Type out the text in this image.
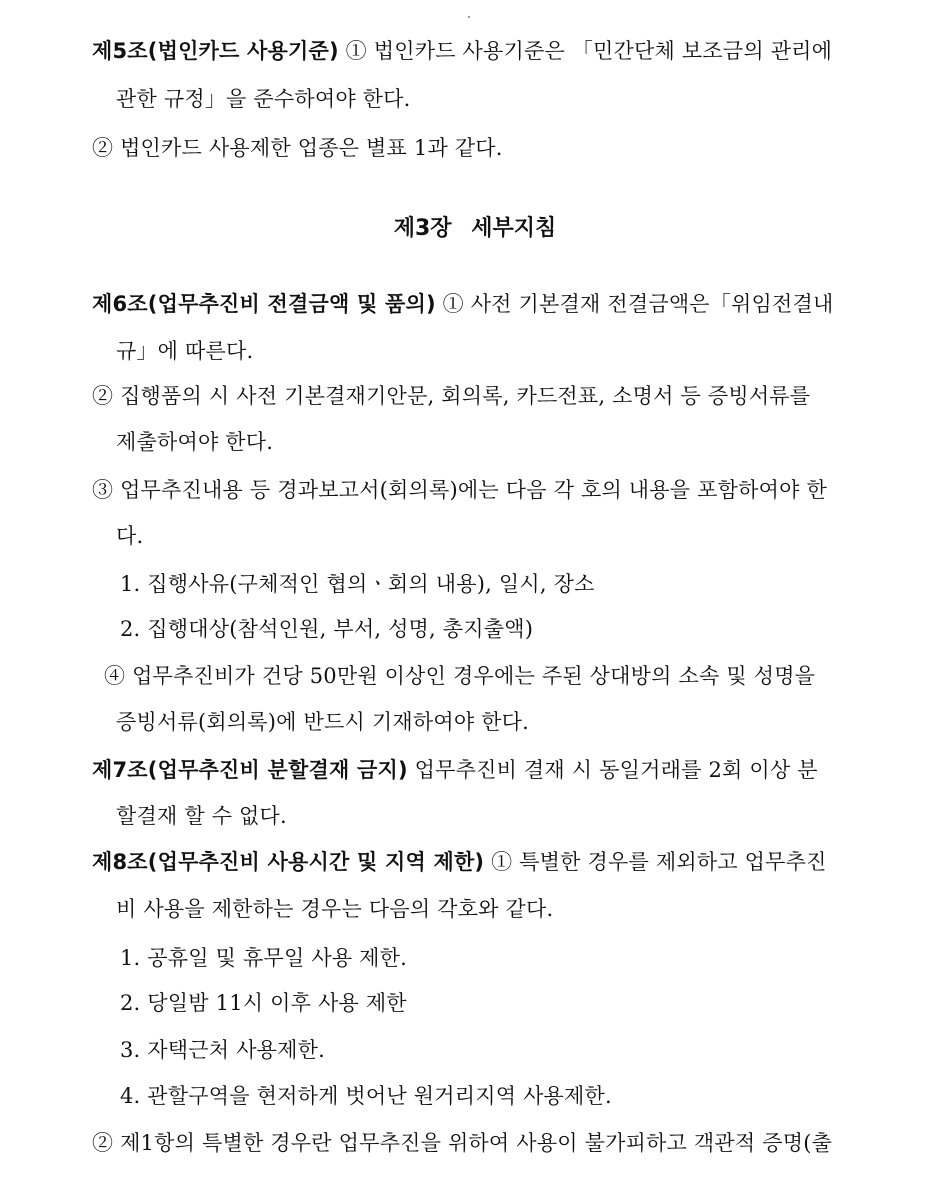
제5조(법인카드 사용기준) ① 법인카드 사용기준은 「민간단체 보조금의 관리에
관한 규정」을 준수하여야 한다.
② 법인카드 사용제한 업종은 별표 1과 같다.
제3장 세부지침
제6조(업무추진비 전결금액 및 품의) ① 사전 기본결재 전결금액은「위임전결내
규」에 따른다.
② 집행품의 시 사전 기본결재기안문, 회의록, 카드전표, 소명서 등 증빙서류를
제출하여야 한다.
③ 업무추진내용 등 경과보고서(회의록)에는 다음 각 호의 내용을 포함하여야 한
다.
1. 집행사유(구체적인 협의ㆍ회의 내용), 일시, 장소
2. 집행대상(참석인원, 부서, 성명, 총지출액)
④ 업무추진비가 건당 50만원 이상인 경우에는 주된 상대방의 소속 및 성명을
증빙서류(회의록)에 반드시 기재하여야 한다.
제7조(업무추진비 분할결재 금지) 업무추진비 결재 시 동일거래를 2회 이상 분
할결재 할 수 없다.
제8조(업무추진비 사용시간 및 지역 제한) ① 특별한 경우를 제외하고 업무추진
비 사용을 제한하는 경우는 다음의 각호와 같다.
1. 공휴일 및 휴무일 사용 제한.
2. 당일밤 11시 이후 사용 제한
3. 자택근처 사용제한.
4. 관할구역을 현저하게 벗어난 원거리지역 사용제한.
② 제1항의 특별한 경우란 업무추진을 위하여 사용이 불가피하고 객관적 증명(출
